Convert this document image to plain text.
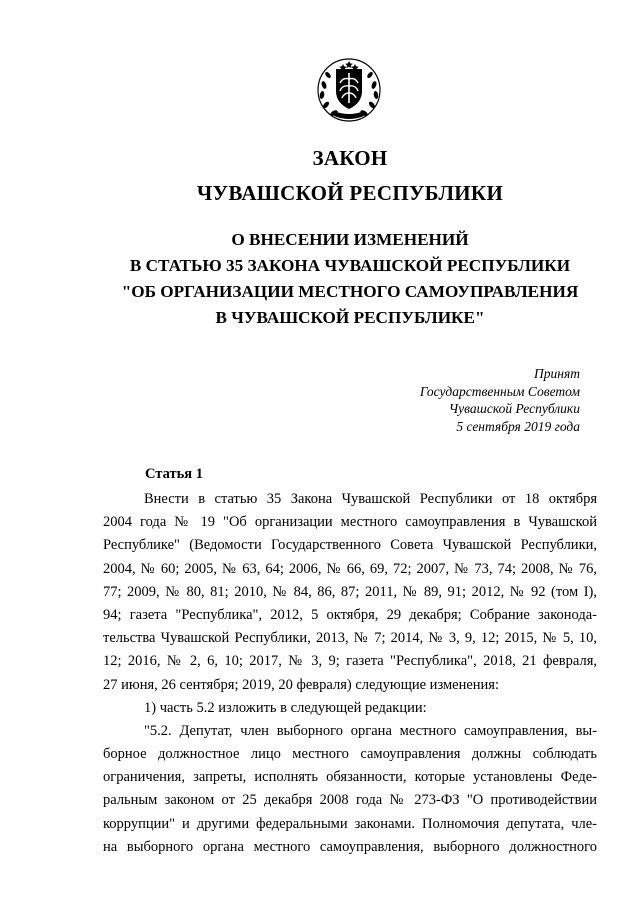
ЗАКОН
ЧУВАШСКОЙ РЕСПУБЛИКИ
О ВНЕСЕНИИ ИЗМЕНЕНИЙ
В СТАТЬЮ 35 ЗАКОНА ЧУВАШСКОЙ РЕСПУБЛИКИ
"ОБ ОРГАНИЗАЦИИ МЕСТНОГО САМОУПРАВЛЕНИЯ
В ЧУВАШСКОЙ РЕСПУБЛИКЕ"
Принят
Государственным Советом
Чувашской Республики
5 сентября 2019 года
Статья 1
Внести в статью 35 Закона Чувашской Республики от 18 октября
2004 года № 19 "Об организации местного самоуправления в Чувашской
Республике" (Ведомости Государственного Совета Чувашской Республики,
2004, № 60; 2005, № 63, 64; 2006, № 66, 69, 72; 2007, № 73, 74; 2008, № 76,
77; 2009, № 80, 81; 2010, № 84, 86, 87; 2011, № 89, 91; 2012, № 92 (том I),
94; газета "Республика", 2012, 5 октября, 29 декабря; Собрание законода-
тельства Чувашской Республики, 2013, № 7; 2014, № 3, 9, 12; 2015, № 5, 10,
12; 2016, № 2, 6, 10; 2017, № 3, 9; газета "Республика", 2018, 21 февраля,
27 июня, 26 сентября; 2019, 20 февраля) следующие изменения:
1) часть 5.2 изложить в следующей редакции:
"5.2. Депутат, член выборного органа местного самоуправления, вы-
борное должностное лицо местного самоуправления должны соблюдать
ограничения, запреты, исполнять обязанности, которые установлены Феде-
ральным законом от 25 декабря 2008 года № 273-ФЗ "О противодействии
коррупции" и другими федеральными законами. Полномочия депутата, чле-
на выборного органа местного самоуправления, выборного должностного
